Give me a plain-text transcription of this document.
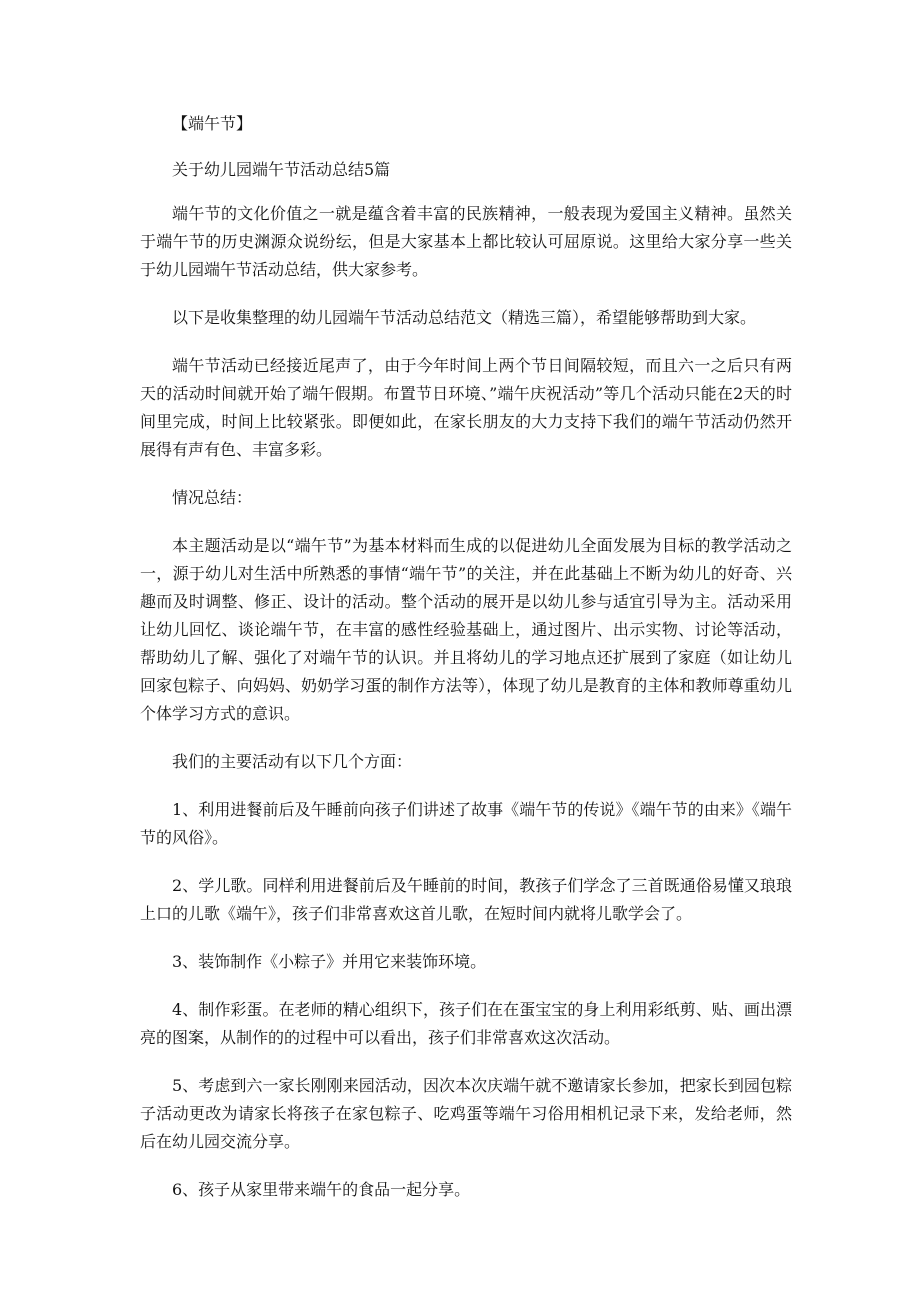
【端午节】

关于幼儿园端午节活动总结5篇

端午节的文化价值之一就是蕴含着丰富的民族精神，一般表现为爱国主义精神。虽然关于端午节的历史渊源众说纷纭，但是大家基本上都比较认可屈原说。这里给大家分享一些关于幼儿园端午节活动总结，供大家参考。

以下是收集整理的幼儿园端午节活动总结范文（精选三篇），希望能够帮助到大家。

端午节活动已经接近尾声了，由于今年时间上两个节日间隔较短，而且六一之后只有两天的活动时间就开始了端午假期。布置节日环境、”端午庆祝活动”等几个活动只能在2天的时间里完成，时间上比较紧张。即便如此，在家长朋友的大力支持下我们的端午节活动仍然开展得有声有色、丰富多彩。

情况总结：

本主题活动是以“端午节”为基本材料而生成的以促进幼儿全面发展为目标的教学活动之一，源于幼儿对生活中所熟悉的事情“端午节”的关注，并在此基础上不断为幼儿的好奇、兴趣而及时调整、修正、设计的活动。整个活动的展开是以幼儿参与适宜引导为主。活动采用让幼儿回忆、谈论端午节，在丰富的感性经验基础上，通过图片、出示实物、讨论等活动，帮助幼儿了解、强化了对端午节的认识。并且将幼儿的学习地点还扩展到了家庭（如让幼儿回家包粽子、向妈妈、奶奶学习蛋的制作方法等），体现了幼儿是教育的主体和教师尊重幼儿个体学习方式的意识。

我们的主要活动有以下几个方面：

1、利用进餐前后及午睡前向孩子们讲述了故事《端午节的传说》《端午节的由来》《端午节的风俗》。

2、学儿歌。同样利用进餐前后及午睡前的时间，教孩子们学念了三首既通俗易懂又琅琅上口的儿歌《端午》，孩子们非常喜欢这首儿歌，在短时间内就将儿歌学会了。

3、装饰制作《小粽子》并用它来装饰环境。

4、制作彩蛋。在老师的精心组织下，孩子们在在蛋宝宝的身上利用彩纸剪、贴、画出漂亮的图案，从制作的的过程中可以看出，孩子们非常喜欢这次活动。

5、考虑到六一家长刚刚来园活动，因次本次庆端午就不邀请家长参加，把家长到园包粽子活动更改为请家长将孩子在家包粽子、吃鸡蛋等端午习俗用相机记录下来，发给老师，然后在幼儿园交流分享。

6、孩子从家里带来端午的食品一起分享。
